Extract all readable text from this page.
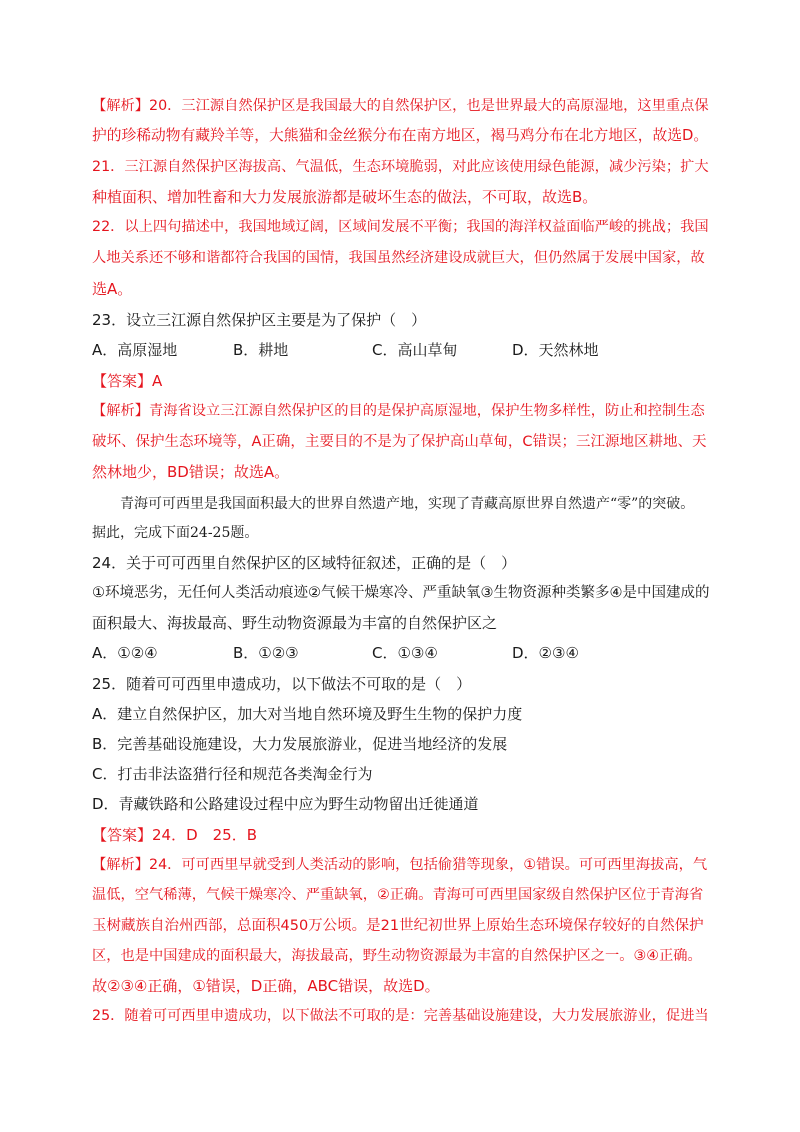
【解析】20．三江源自然保护区是我国最大的自然保护区，也是世界最大的高原湿地，这里重点保
护的珍稀动物有藏羚羊等，大熊猫和金丝猴分布在南方地区，褐马鸡分布在北方地区，故选D。
21．三江源自然保护区海拔高、气温低，生态环境脆弱，对此应该使用绿色能源，减少污染；扩大
种植面积、增加牲畜和大力发展旅游都是破坏生态的做法，不可取，故选B。
22．以上四句描述中，我国地域辽阔，区域间发展不平衡；我国的海洋权益面临严峻的挑战；我国
人地关系还不够和谐都符合我国的国情，我国虽然经济建设成就巨大，但仍然属于发展中国家，故
选A。
23．设立三江源自然保护区主要是为了保护（　）
A．高原湿地	B．耕地	C．高山草甸	D．天然林地
【答案】A
【解析】青海省设立三江源自然保护区的目的是保护高原湿地，保护生物多样性，防止和控制生态
破坏、保护生态环境等，A正确，主要目的不是为了保护高山草甸，C错误；三江源地区耕地、天
然林地少，BD错误；故选A。
青海可可西里是我国面积最大的世界自然遗产地，实现了青藏高原世界自然遗产“零”的突破。
据此，完成下面24-25题。
24．关于可可西里自然保护区的区域特征叙述，正确的是（　）
①环境恶劣，无任何人类活动痕迹②气候干燥寒冷、严重缺氧③生物资源种类繁多④是中国建成的
面积最大、海拔最高、野生动物资源最为丰富的自然保护区之
A．①②④	B．①②③	C．①③④	D．②③④
25．随着可可西里申遗成功，以下做法不可取的是（　）
A．建立自然保护区，加大对当地自然环境及野生生物的保护力度
B．完善基础设施建设，大力发展旅游业，促进当地经济的发展
C．打击非法盗猎行径和规范各类淘金行为
D．青藏铁路和公路建设过程中应为野生动物留出迁徙通道
【答案】24．D　25．B
【解析】24．可可西里早就受到人类活动的影响，包括偷猎等现象，①错误。可可西里海拔高，气
温低，空气稀薄，气候干燥寒冷、严重缺氧，②正确。青海可可西里国家级自然保护区位于青海省
玉树藏族自治州西部，总面积450万公顷。是21世纪初世界上原始生态环境保存较好的自然保护
区，也是中国建成的面积最大，海拔最高，野生动物资源最为丰富的自然保护区之一。③④正确。
故②③④正确，①错误，D正确，ABC错误，故选D。
25．随着可可西里申遗成功，以下做法不可取的是：完善基础设施建设，大力发展旅游业，促进当
